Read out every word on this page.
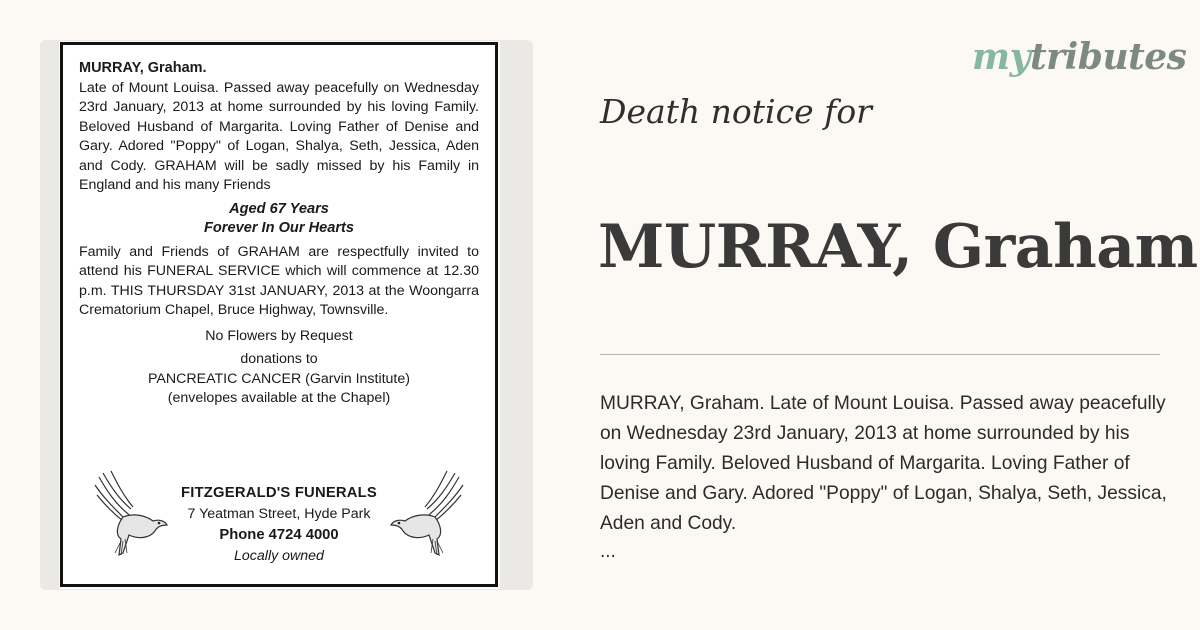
MURRAY, Graham.
Late of Mount Louisa. Passed away peacefully on Wednesday 23rd January, 2013 at home surrounded by his loving Family. Beloved Husband of Margarita. Loving Father of Denise and Gary. Adored "Poppy" of Logan, Shalya, Seth, Jessica, Aden and Cody. GRAHAM will be sadly missed by his Family in England and his many Friends
Aged 67 Years
Forever In Our Hearts
Family and Friends of GRAHAM are respectfully invited to attend his FUNERAL SERVICE which will commence at 12.30 p.m. THIS THURSDAY 31st JANUARY, 2013 at the Woongarra Crematorium Chapel, Bruce Highway, Townsville.
No Flowers by Request
donations to
PANCREATIC CANCER (Garvin Institute)
(envelopes available at the Chapel)
FITZGERALD'S FUNERALS
7 Yeatman Street, Hyde Park
Phone 4724 4000
Locally owned
mytributes
Death notice for
MURRAY, Graham
MURRAY, Graham. Late of Mount Louisa. Passed away peacefully on Wednesday 23rd January, 2013 at home surrounded by his loving Family. Beloved Husband of Margarita. Loving Father of Denise and Gary. Adored "Poppy" of Logan, Shalya, Seth, Jessica, Aden and Cody.
...
